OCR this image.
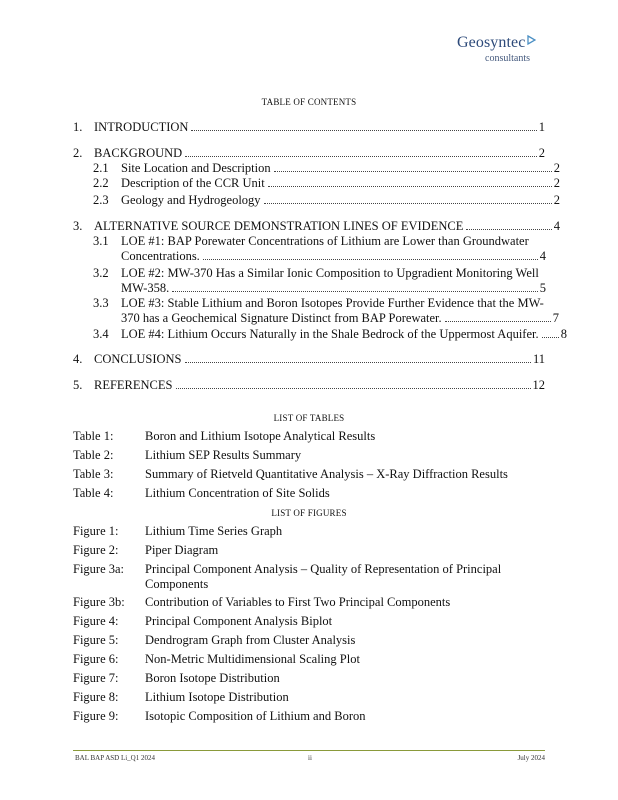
Geosyntec
consultants
TABLE OF CONTENTS
1. INTRODUCTION	1
2. BACKGROUND	2
2.1 Site Location and Description	2
2.2 Description of the CCR Unit	2
2.3 Geology and Hydrogeology	2
3. ALTERNATIVE SOURCE DEMONSTRATION LINES OF EVIDENCE	4
3.1 LOE #1: BAP Porewater Concentrations of Lithium are Lower than Groundwater
Concentrations.	4
3.2 LOE #2: MW-370 Has a Similar Ionic Composition to Upgradient Monitoring Well
MW-358.	5
3.3 LOE #3: Stable Lithium and Boron Isotopes Provide Further Evidence that the MW-
370 has a Geochemical Signature Distinct from BAP Porewater.	7
3.4 LOE #4: Lithium Occurs Naturally in the Shale Bedrock of the Uppermost Aquifer. 8
4. CONCLUSIONS	11
5. REFERENCES	12
LIST OF TABLES
Table 1:	Boron and Lithium Isotope Analytical Results
Table 2:	Lithium SEP Results Summary
Table 3:	Summary of Rietveld Quantitative Analysis – X-Ray Diffraction Results
Table 4:	Lithium Concentration of Site Solids
LIST OF FIGURES
Figure 1: Lithium Time Series Graph
Figure 2: Piper Diagram
Figure 3a: Principal Component Analysis – Quality of Representation of Principal Components
Figure 3b: Contribution of Variables to First Two Principal Components
Figure 4: Principal Component Analysis Biplot
Figure 5: Dendrogram Graph from Cluster Analysis
Figure 6: Non-Metric Multidimensional Scaling Plot
Figure 7: Boron Isotope Distribution
Figure 8: Lithium Isotope Distribution
Figure 9: Isotopic Composition of Lithium and Boron
BAL BAP ASD Li_Q1 2024	ii	July 2024
